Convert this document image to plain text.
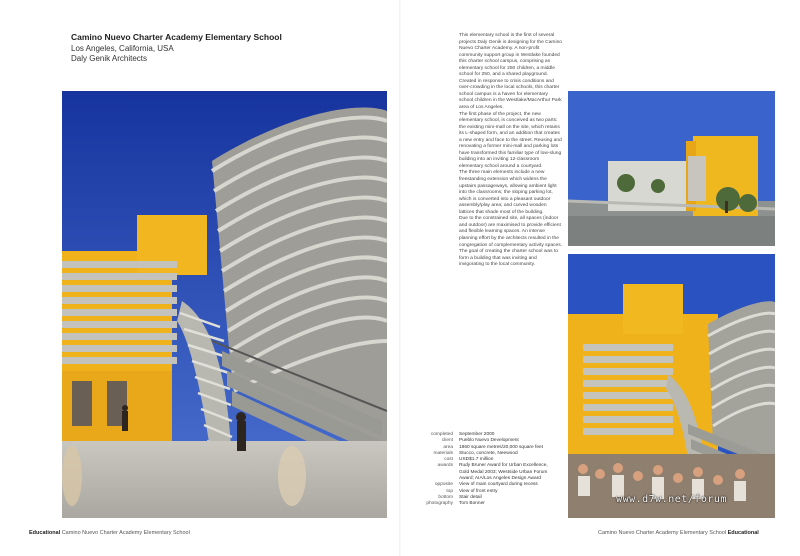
Camino Nuevo Charter Academy Elementary School
Los Angeles, California, USA
Daly Genik Architects

This elementary school is the first of several projects Daly Genik is designing for the Camino Nuevo Charter Academy. A non-profit community support group in Westlake founded this charter school campus, comprising an elementary school for 250 children, a middle school for 250, and a shared playground. Created in response to crisis conditions and over-crowding in the local schools, this charter school campus is a haven for elementary school children in the Westlake/MacArthur Park area of Los Angeles.

The first phase of the project, the new elementary school, is conceived as two parts: the existing mini-mall on the site, which retains its L-shaped form, and an addition that creates a new entry and face to the street. Reusing and renovating a former mini-mall and parking lots have transformed this familiar type of low-slung building into an inviting 12-classroom elementary school around a courtyard.

The three main elements include a new freestanding extension which widens the upstairs passageways, allowing ambient light into the classrooms; the sloping parking lot, which is converted into a pleasant outdoor assembly/play area; and curved wooden lattices that shade most of the building.

Due to the constrained site, all spaces (indoor and outdoor) are maximised to provide efficient and flexible learning spaces. An intense planning effort by the architects resulted in the congregation of complementary activity spaces. The goal of creating the charter school was to form a building that was inviting and invigorating to the local community.

completed	September 2000
client	Pueblo Nuevo Development
area	1860 square metres/20,000 square feet
materials	Stucco, concrete, Neewood
cost	USD$1.7 million
awards	Rudy Bruner Award for Urban Excellence, Gold Medal 2003; Westside Urban Forum Award; AIA/Los Angeles Design Award
opposite	View of main courtyard during recess
top	View of front entry
bottom	Stair detail
photography	Tom Bonner	www.d7w.net/forum
Educational Camino Nuevo Charter Academy Elementary School	Camino Nuevo Charter Academy Elementary School Educational
